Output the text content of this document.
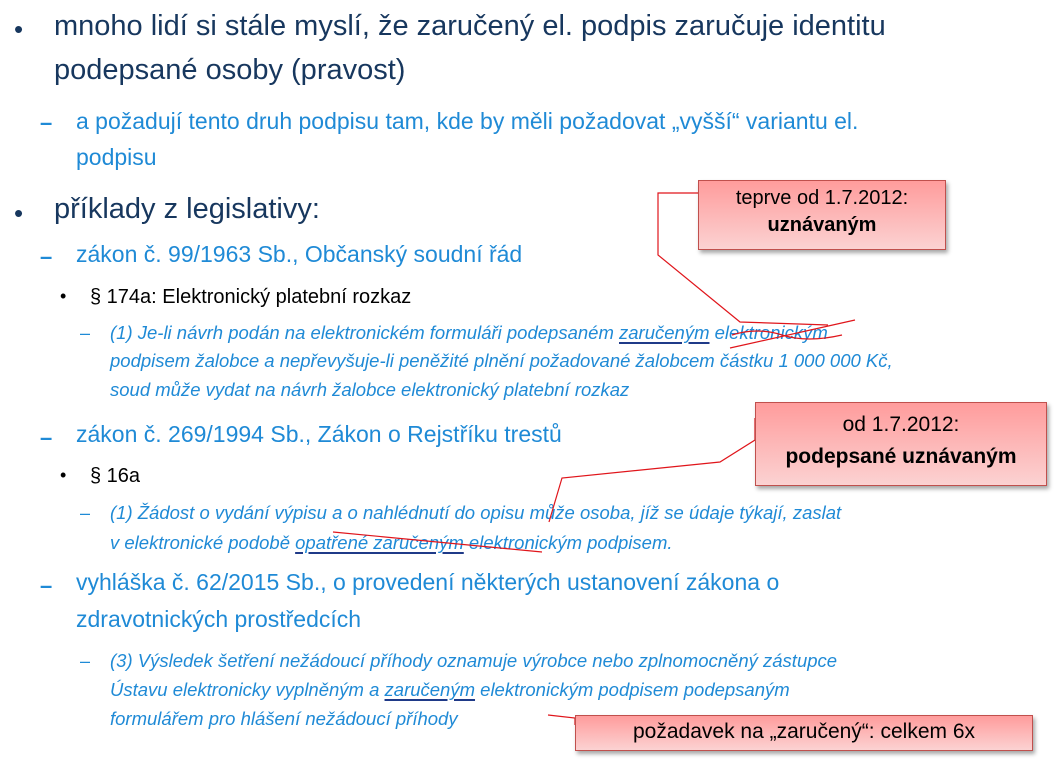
• mnoho lidí si stále myslí, že zaručený el. podpis zaručuje identitu
podepsané osoby (pravost)
– a požadují tento druh podpisu tam, kde by měli požadovat „vyšší“ variantu el.
podpisu
• příklady z legislativy:
– zákon č. 99/1963 Sb., Občanský soudní řád
• § 174a: Elektronický platební rozkaz
– (1) Je-li návrh podán na elektronickém formuláři podepsaném zaručeným elektronickým
podpisem žalobce a nepřevyšuje-li peněžité plnění požadované žalobcem částku 1 000 000 Kč,
soud může vydat na návrh žalobce elektronický platební rozkaz
– zákon č. 269/1994 Sb., Zákon o Rejstříku trestů
• § 16a
– (1) Žádost o vydání výpisu a o nahlédnutí do opisu může osoba, jíž se údaje týkají, zaslat
v elektronické podobě opatřené zaručeným elektronickým podpisem.
– vyhláška č. 62/2015 Sb., o provedení některých ustanovení zákona o
zdravotnických prostředcích
– (3) Výsledek šetření nežádoucí příhody oznamuje výrobce nebo zplnomocněný zástupce
Ústavu elektronicky vyplněným a zaručeným elektronickým podpisem podepsaným
formulářem pro hlášení nežádoucí příhody
teprve od 1.7.2012:
uznávaným
od 1.7.2012:
podepsané uznávaným
požadavek na „zaručený“: celkem 6x
